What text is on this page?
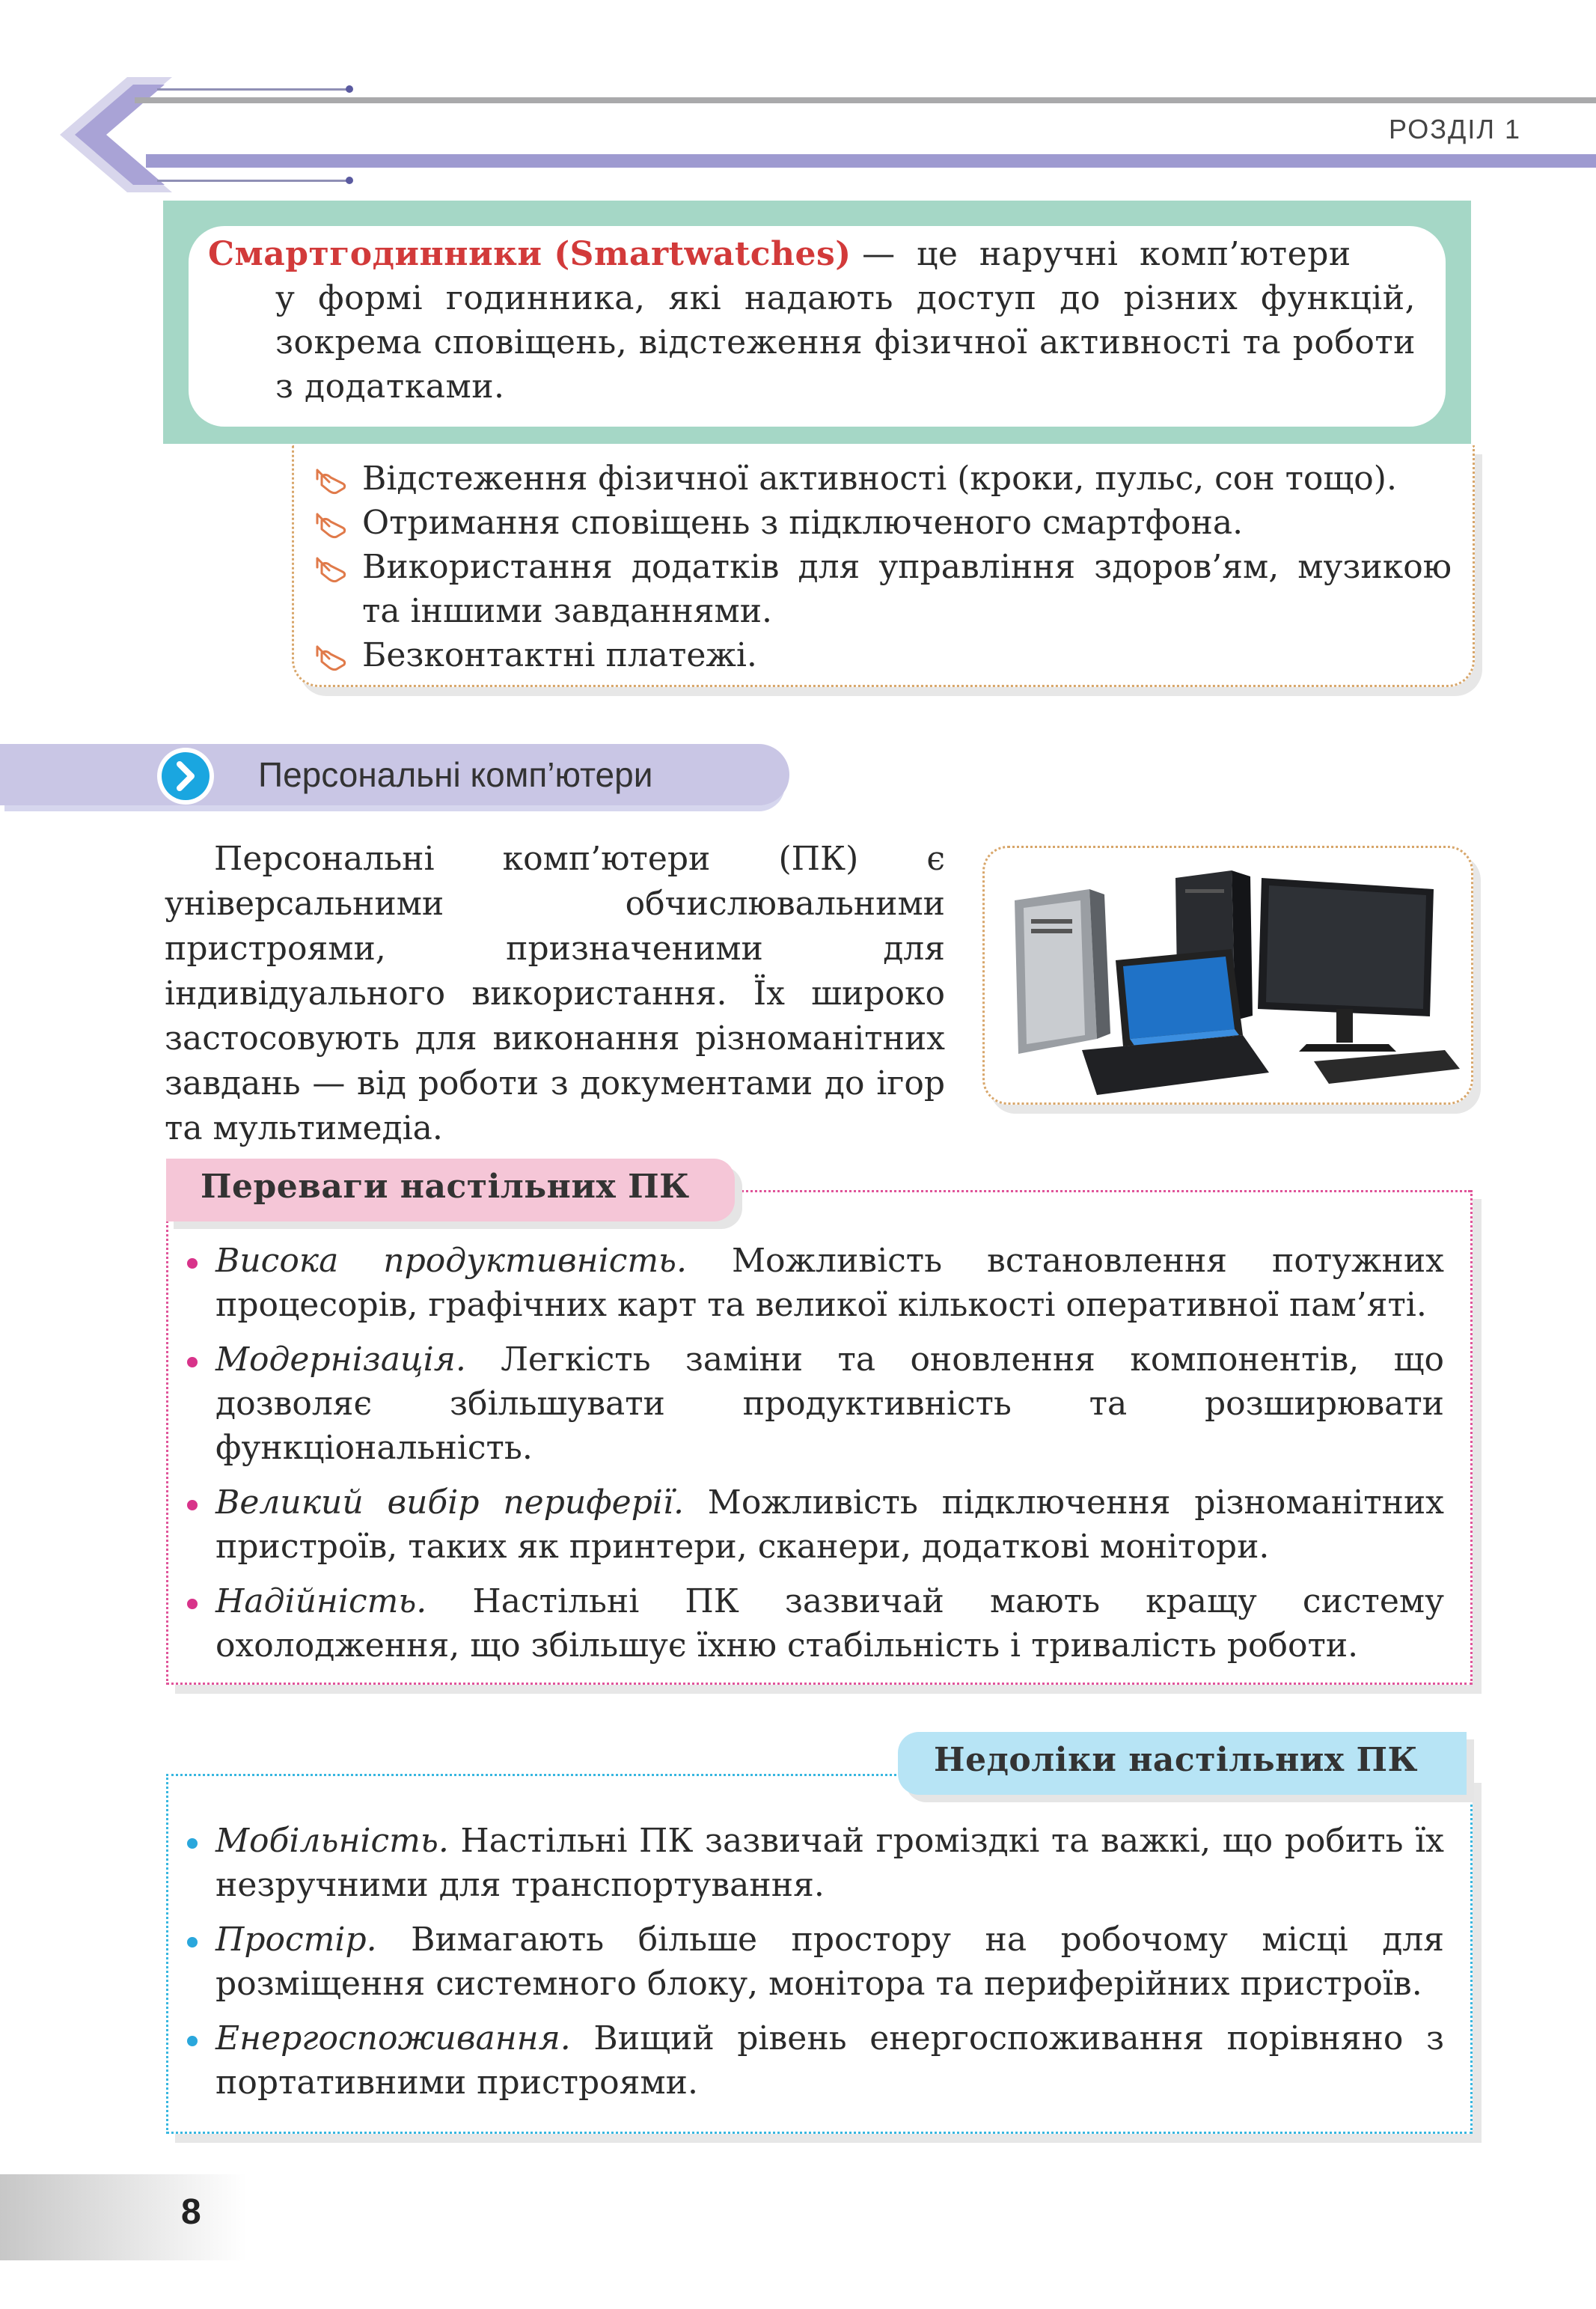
РОЗДІЛ 1
Смартгодинники (Smartwatches) — це наручні комп’ютери
у формі годинника, які надають доступ до різних функцій, зокрема сповіщень, відстеження фізичної активності та роботи з додатками.
Відстеження фізичної активності (кроки, пульс, сон тощо).
Отримання сповіщень з підключеного смартфона.
Використання додатків для управління здоров’ям, музикою та іншими завданнями.
Безконтактні платежі.
Персональні комп’ютери
Персональні комп’ютери (ПК) є універсальними обчислювальними пристроями, призначеними для індивідуального використання. Їх широко застосовують для виконання різноманітних завдань — від роботи з документами до ігор та мультимедіа.
Переваги настільних ПК
Висока продуктивність. Можливість встановлення потужних процесорів, графічних карт та великої кількості оперативної пам’яті.
Модернізація. Легкість заміни та оновлення компонентів, що дозволяє збільшувати продуктивність та розширювати функціональність.
Великий вибір периферії. Можливість підключення різноманітних пристроїв, таких як принтери, сканери, додаткові монітори.
Надійність. Настільні ПК зазвичай мають кращу систему охолодження, що збільшує їхню стабільність і тривалість роботи.
Недоліки настільних ПК
Мобільність. Настільні ПК зазвичай громіздкі та важкі, що робить їх незручними для транспортування.
Простір. Вимагають більше простору на робочому місці для розміщення системного блоку, монітора та периферійних пристроїв.
Енергоспоживання. Вищий рівень енергоспоживання порівняно з портативними пристроями.
8
